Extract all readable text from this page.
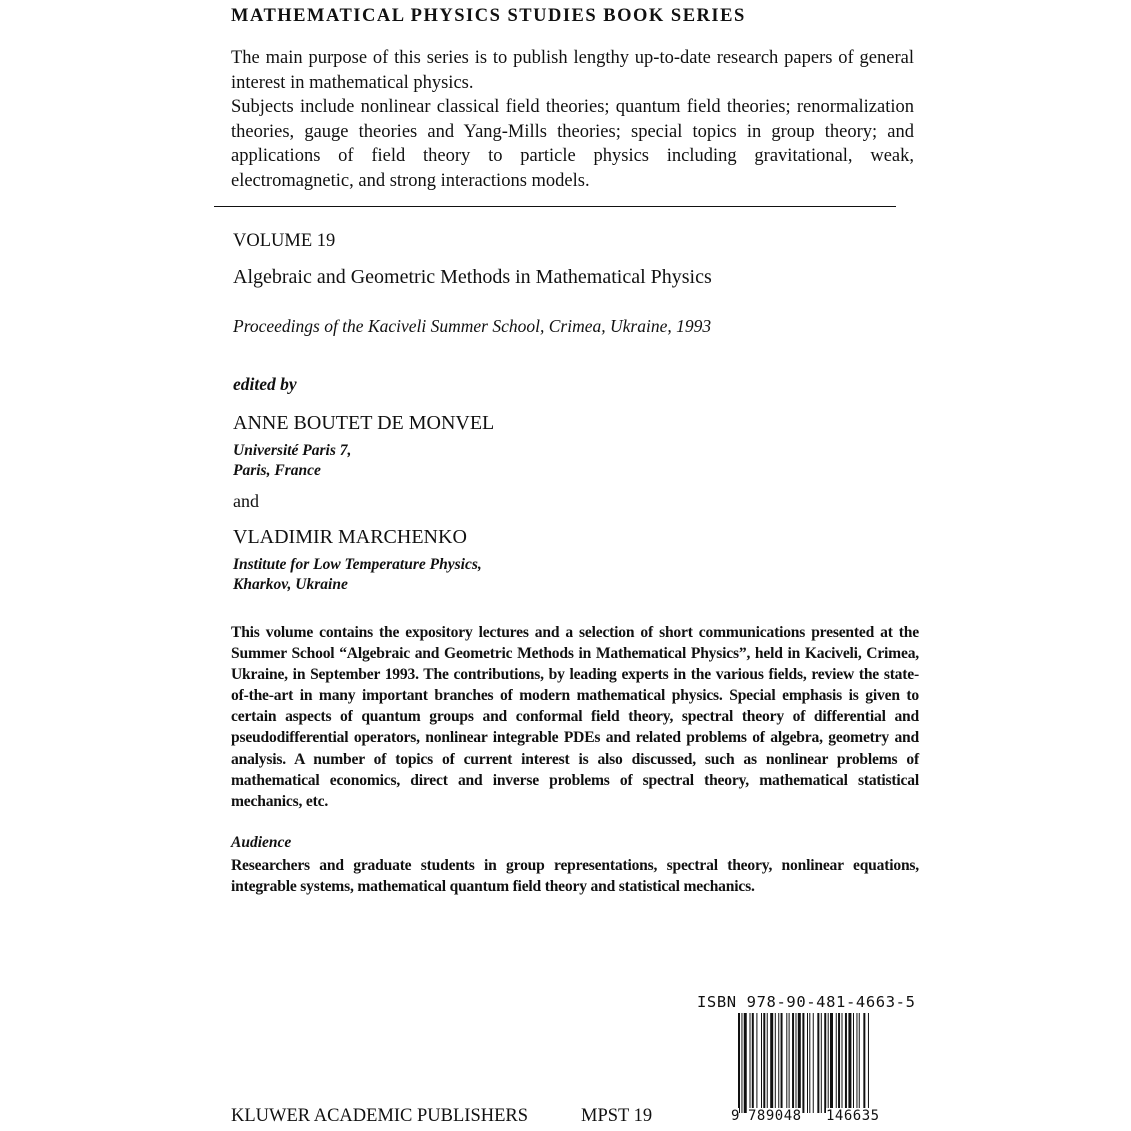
MATHEMATICAL PHYSICS STUDIES BOOK SERIES

The main purpose of this series is to publish lengthy up-to-date research papers of general interest in mathematical physics.

Subjects include nonlinear classical field theories; quantum field theories; renormalization theories, gauge theories and Yang-Mills theories; special topics in group theory; and applications of field theory to particle physics including gravitational, weak, electromagnetic, and strong interactions models.

VOLUME 19
Algebraic and Geometric Methods in Mathematical Physics
Proceedings of the Kaciveli Summer School, Crimea, Ukraine, 1993
edited by
ANNE BOUTET DE MONVEL
Université Paris 7,
Paris, France
and
VLADIMIR MARCHENKO
Institute for Low Temperature Physics,
Kharkov, Ukraine
This volume contains the expository lectures and a selection of short communications presented at the Summer School “Algebraic and Geometric Methods in Mathematical Physics”, held in Kaciveli, Crimea, Ukraine, in September 1993. The contributions, by leading experts in the various fields, review the state-of-the-art in many important branches of modern mathematical physics. Special emphasis is given to certain aspects of quantum groups and conformal field theory, spectral theory of differential and pseudodifferential operators, nonlinear integrable PDEs and related problems of algebra, geometry and analysis. A number of topics of current interest is also discussed, such as nonlinear problems of mathematical economics, direct and inverse problems of spectral theory, mathematical statistical mechanics, etc.
Audience
Researchers and graduate students in group representations, spectral theory, nonlinear equations, integrable systems, mathematical quantum field theory and statistical mechanics.
ISBN 978-90-481-4663-5
9 789048 146635
KLUWER ACADEMIC PUBLISHERS	MPST 19
